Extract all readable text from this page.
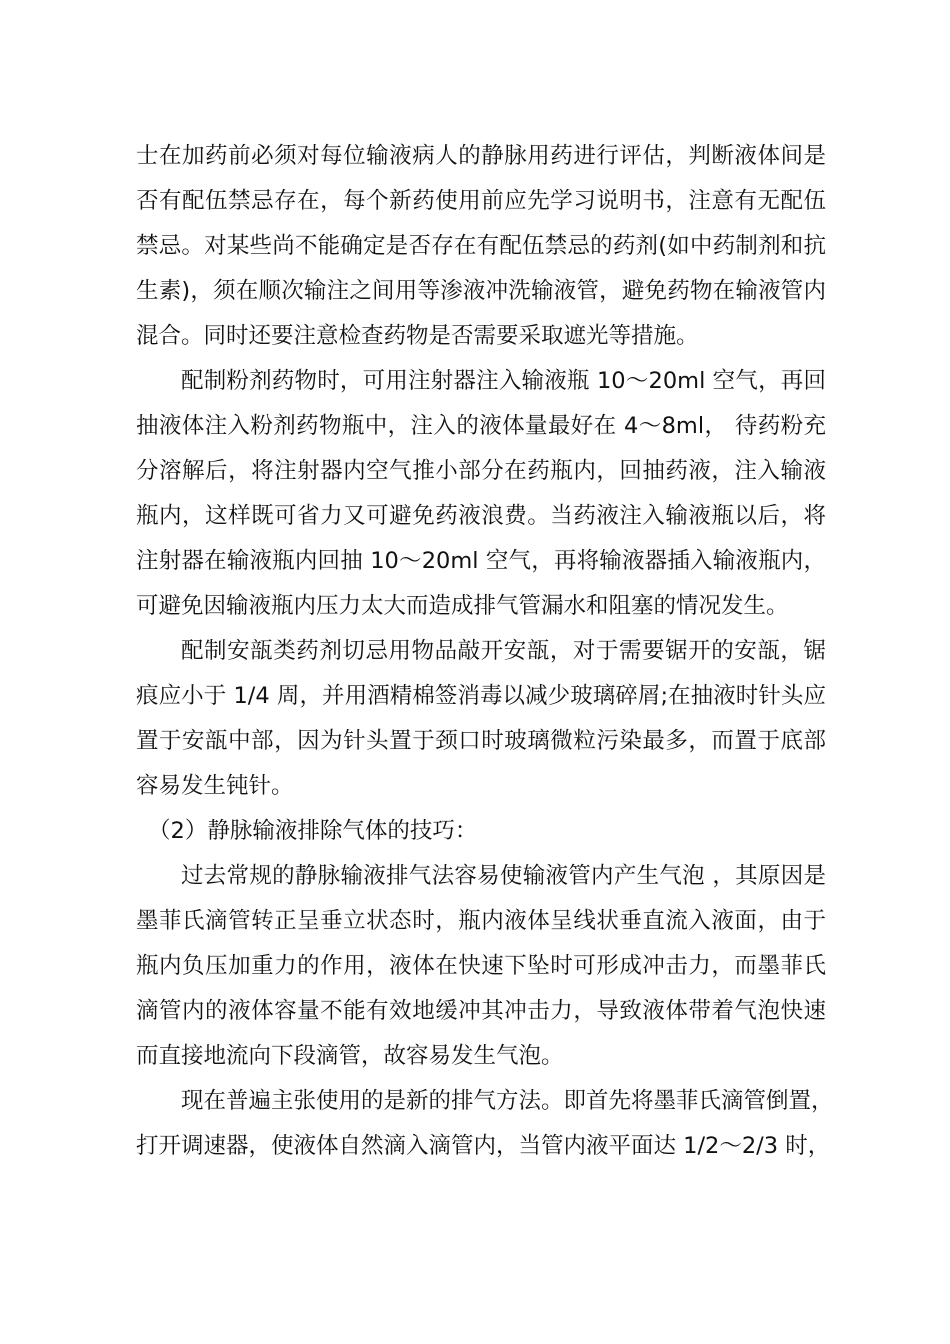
士在加药前必须对每位输液病人的静脉用药进行评估，判断液体间是
否有配伍禁忌存在，每个新药使用前应先学习说明书，注意有无配伍
禁忌。对某些尚不能确定是否存在有配伍禁忌的药剂(如中药制剂和抗
生素)，须在顺次输注之间用等渗液冲洗输液管，避免药物在输液管内
混合。同时还要注意检查药物是否需要采取遮光等措施。
配制粉剂药物时，可用注射器注入输液瓶 10～20ml 空气，再回
抽液体注入粉剂药物瓶中，注入的液体量最好在 4～8ml， 待药粉充
分溶解后，将注射器内空气推小部分在药瓶内，回抽药液，注入输液
瓶内，这样既可省力又可避免药液浪费。当药液注入输液瓶以后，将
注射器在输液瓶内回抽 10～20ml 空气，再将输液器插入输液瓶内，
可避免因输液瓶内压力太大而造成排气管漏水和阻塞的情况发生。
配制安瓿类药剂切忌用物品敲开安瓿，对于需要锯开的安瓿，锯
痕应小于 1/4 周，并用酒精棉签消毒以减少玻璃碎屑;在抽液时针头应
置于安瓿中部，因为针头置于颈口时玻璃微粒污染最多，而置于底部
容易发生钝针。
（2）静脉输液排除气体的技巧：
过去常规的静脉输液排气法容易使输液管内产生气泡 ，其原因是
墨菲氏滴管转正呈垂立状态时，瓶内液体呈线状垂直流入液面，由于
瓶内负压加重力的作用，液体在快速下坠时可形成冲击力，而墨菲氏
滴管内的液体容量不能有效地缓冲其冲击力，导致液体带着气泡快速
而直接地流向下段滴管，故容易发生气泡。
现在普遍主张使用的是新的排气方法。即首先将墨菲氏滴管倒置，
打开调速器，使液体自然滴入滴管内，当管内液平面达 1/2～2/3 时，
